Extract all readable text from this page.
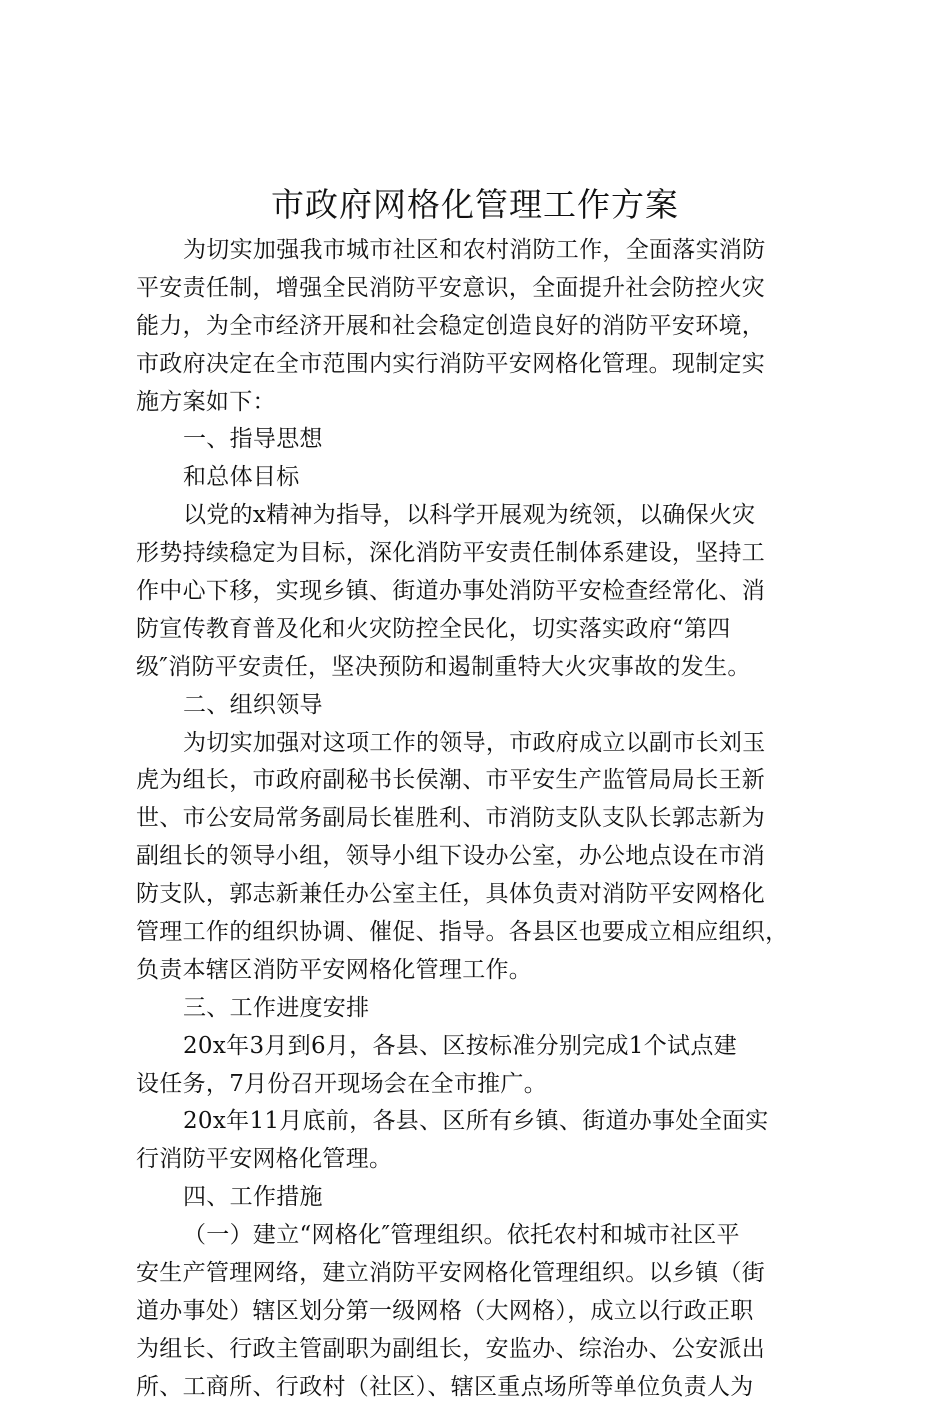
市政府网格化管理工作方案
为切实加强我市城市社区和农村消防工作，全面落实消防
平安责任制，增强全民消防平安意识，全面提升社会防控火灾
能力，为全市经济开展和社会稳定创造良好的消防平安环境，
市政府决定在全市范围内实行消防平安网格化管理。现制定实
施方案如下：
一、指导思想
和总体目标
以党的x精神为指导，以科学开展观为统领，以确保火灾
形势持续稳定为目标，深化消防平安责任制体系建设，坚持工
作中心下移，实现乡镇、街道办事处消防平安检查经常化、消
防宣传教育普及化和火灾防控全民化，切实落实政府“第四
级″消防平安责任，坚决预防和遏制重特大火灾事故的发生。
二、组织领导
为切实加强对这项工作的领导，市政府成立以副市长刘玉
虎为组长，市政府副秘书长侯潮、市平安生产监管局局长王新
世、市公安局常务副局长崔胜利、市消防支队支队长郭志新为
副组长的领导小组，领导小组下设办公室，办公地点设在市消
防支队，郭志新兼任办公室主任，具体负责对消防平安网格化
管理工作的组织协调、催促、指导。各县区也要成立相应组织，
负责本辖区消防平安网格化管理工作。
三、工作进度安排
20x年3月到6月，各县、区按标准分别完成1个试点建
设任务，7月份召开现场会在全市推广。
20x年11月底前，各县、区所有乡镇、街道办事处全面实
行消防平安网格化管理。
四、工作措施
（一）建立“网格化″管理组织。依托农村和城市社区平
安生产管理网络，建立消防平安网格化管理组织。以乡镇（街
道办事处）辖区划分第一级网格（大网格），成立以行政正职
为组长、行政主管副职为副组长，安监办、综治办、公安派出
所、工商所、行政村（社区）、辖区重点场所等单位负责人为
